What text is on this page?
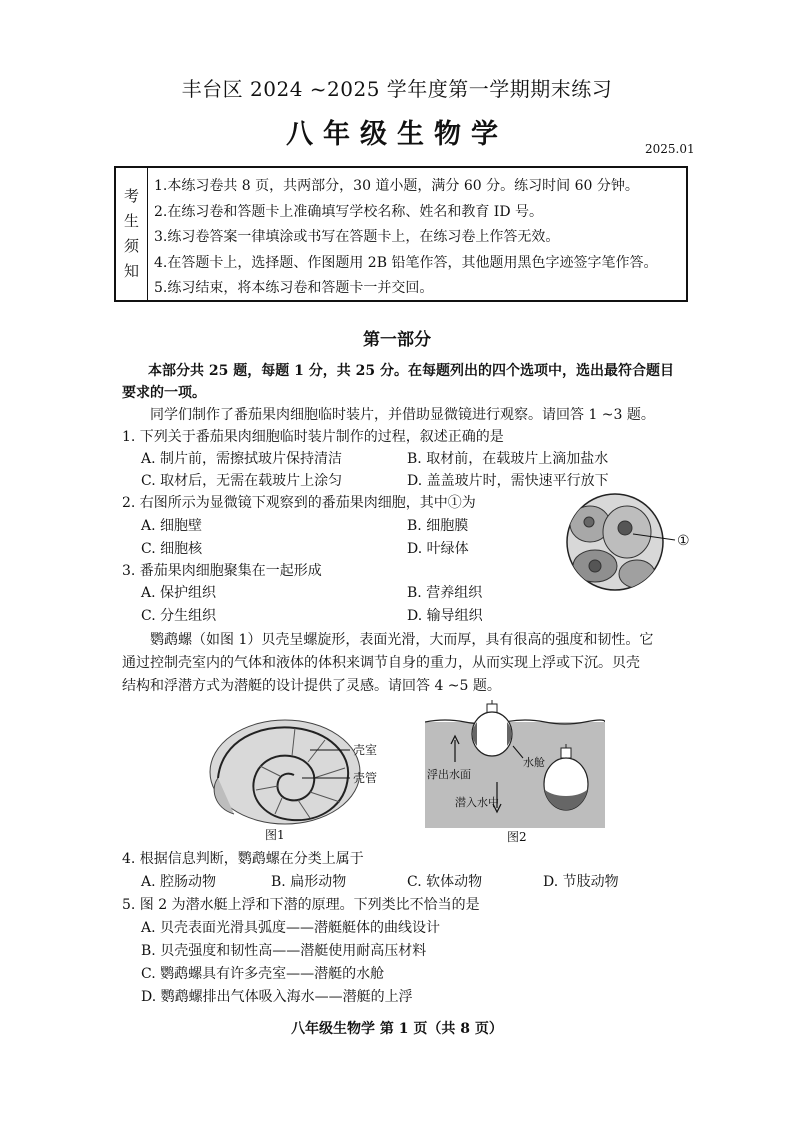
丰台区 2024 ~2025 学年度第一学期期末练习
八年级生物学	2025.01
考
生
须
知
1.本练习卷共 8 页，共两部分，30 道小题，满分 60 分。练习时间 60 分钟。
2.在练习卷和答题卡上准确填写学校名称、姓名和教育 ID 号。
3.练习卷答案一律填涂或书写在答题卡上，在练习卷上作答无效。
4.在答题卡上，选择题、作图题用 2B 铅笔作答，其他题用黑色字迹签字笔作答。
5.练习结束，将本练习卷和答题卡一并交回。
第一部分
本部分共 25 题，每题 1 分，共 25 分。在每题列出的四个选项中，选出最符合题目
要求的一项。
同学们制作了番茄果肉细胞临时装片，并借助显微镜进行观察。请回答 1 ~3 题。
1. 下列关于番茄果肉细胞临时装片制作的过程，叙述正确的是
A. 制片前，需擦拭玻片保持清洁	B. 取材前，在载玻片上滴加盐水
C. 取材后，无需在载玻片上涂匀	D. 盖盖玻片时，需快速平行放下
2. 右图所示为显微镜下观察到的番茄果肉细胞，其中①为
A. 细胞壁	B. 细胞膜
C. 细胞核	D. 叶绿体	①
3. 番茄果肉细胞聚集在一起形成
A. 保护组织	B. 营养组织
C. 分生组织	D. 输导组织
鹦鹉螺（如图 1）贝壳呈螺旋形，表面光滑，大而厚，具有很高的强度和韧性。它
通过控制壳室内的气体和液体的体积来调节自身的重力，从而实现上浮或下沉。贝壳
结构和浮潜方式为潜艇的设计提供了灵感。请回答 4 ~5 题。
壳室
壳管
图1
水舱
浮出水面
潜入水中
图2
4. 根据信息判断，鹦鹉螺在分类上属于
A. 腔肠动物	B. 扁形动物	C. 软体动物	D. 节肢动物
5. 图 2 为潜水艇上浮和下潜的原理。下列类比不恰当的是
A. 贝壳表面光滑具弧度——潜艇艇体的曲线设计
B. 贝壳强度和韧性高——潜艇使用耐高压材料
C. 鹦鹉螺具有许多壳室——潜艇的水舱
D. 鹦鹉螺排出气体吸入海水——潜艇的上浮
八年级生物学 第 1 页（共 8 页）
